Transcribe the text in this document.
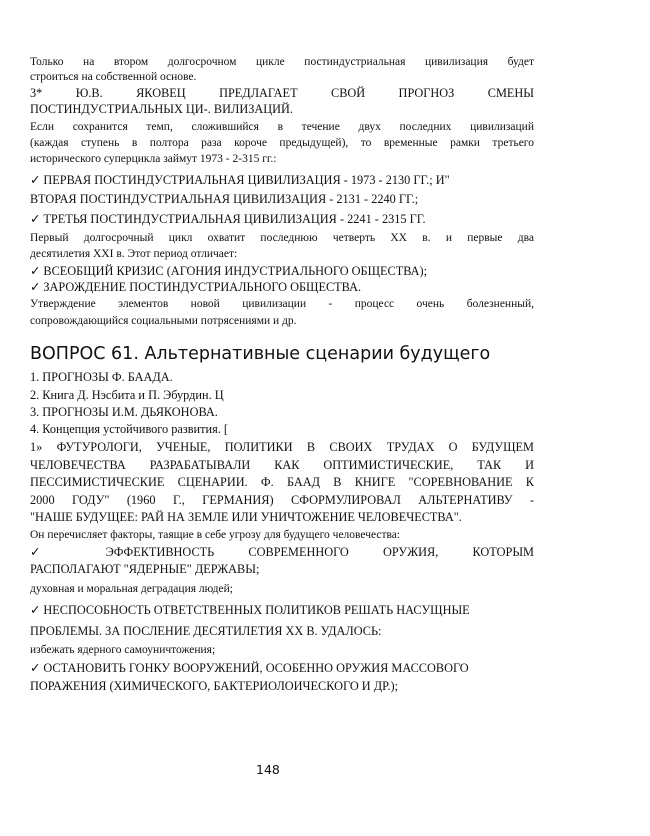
Только на втором долгосрочном цикле постиндустриальная цивилизация будет
строиться на собственной основе.
3* Ю.В. ЯКОВЕЦ ПРЕДЛАГАЕТ СВОЙ ПРОГНОЗ СМЕНЫ
ПОСТИНДУСТРИАЛЬНЫХ ЦИ-. ВИЛИЗАЦИЙ.
Если сохранится темп, сложившийся в течение двух последних цивилизаций
(каждая ступень в полтора раза короче предыдущей), то временные рамки третьего
исторического суперцикла займут 1973 - 2-315 гг.:
✓ ПЕРВАЯ ПОСТИНДУСТРИАЛЬНАЯ ЦИВИЛИЗАЦИЯ - 1973 - 2130 ГГ.; И"
ВТОРАЯ ПОСТИНДУСТРИАЛЬНАЯ ЦИВИЛИЗАЦИЯ - 2131 - 2240 ГГ.;
✓ ТРЕТЬЯ ПОСТИНДУСТРИАЛЬНАЯ ЦИВИЛИЗАЦИЯ - 2241 - 2315 ГГ.
Первый долгосрочный цикл охватит последнюю четверть XX в. и первые два
десятилетия XXI в. Этот период отличает:
✓ ВСЕОБЩИЙ КРИЗИС (АГОНИЯ ИНДУСТРИАЛЬНОГО ОБЩЕСТВА);
✓ ЗАРОЖДЕНИЕ ПОСТИНДУСТРИАЛЬНОГО ОБЩЕСТВА.
Утверждение элементов новой цивилизации - процесс очень болезненный,
сопровождающийся социальными потрясениями и др.
ВОПРОС 61. Альтернативные сценарии будущего
1. ПРОГНОЗЫ Ф. БААДА.
2. Книга Д. Нэсбита и П. Эбурдин. Ц
3. ПРОГНОЗЫ И.М. ДЬЯКОНОВА.
4. Концепция устойчивого развития. [
1» ФУТУРОЛОГИ, УЧЕНЫЕ, ПОЛИТИКИ В СВОИХ ТРУДАХ О БУДУЩЕМ
ЧЕЛОВЕЧЕСТВА РАЗРАБАТЫВАЛИ КАК ОПТИМИСТИЧЕСКИЕ, ТАК И
ПЕССИМИСТИЧЕСКИЕ СЦЕНАРИИ. Ф. БААД В КНИГЕ "СОРЕВНОВАНИЕ К
2000 ГОДУ" (1960 Г., ГЕРМАНИЯ) СФОРМУЛИРОВАЛ АЛЬТЕРНАТИВУ -
"НАШЕ БУДУЩЕЕ: РАЙ НА ЗЕМЛЕ ИЛИ УНИЧТОЖЕНИЕ ЧЕЛОВЕЧЕСТВА".
Он перечисляет факторы, таящие в себе угрозу для будущего человечества:
✓ ЭФФЕКТИВНОСТЬ СОВРЕМЕННОГО ОРУЖИЯ, КОТОРЫМ
РАСПОЛАГАЮТ "ЯДЕРНЫЕ" ДЕРЖАВЫ;
духовная и моральная деградация людей;
✓ НЕСПОСОБНОСТЬ ОТВЕТСТВЕННЫХ ПОЛИТИКОВ РЕШАТЬ НАСУЩНЫЕ
ПРОБЛЕМЫ. ЗА ПОСЛЕНИЕ ДЕСЯТИЛЕТИЯ XX В. УДАЛОСЬ:
избежать ядерного самоуничтожения;
✓ ОСТАНОВИТЬ ГОНКУ ВООРУЖЕНИЙ, ОСОБЕННО ОРУЖИЯ МАССОВОГО
ПОРАЖЕНИЯ (ХИМИЧЕСКОГО, БАКТЕРИОЛОИЧЕСКОГО И ДР.);
148
